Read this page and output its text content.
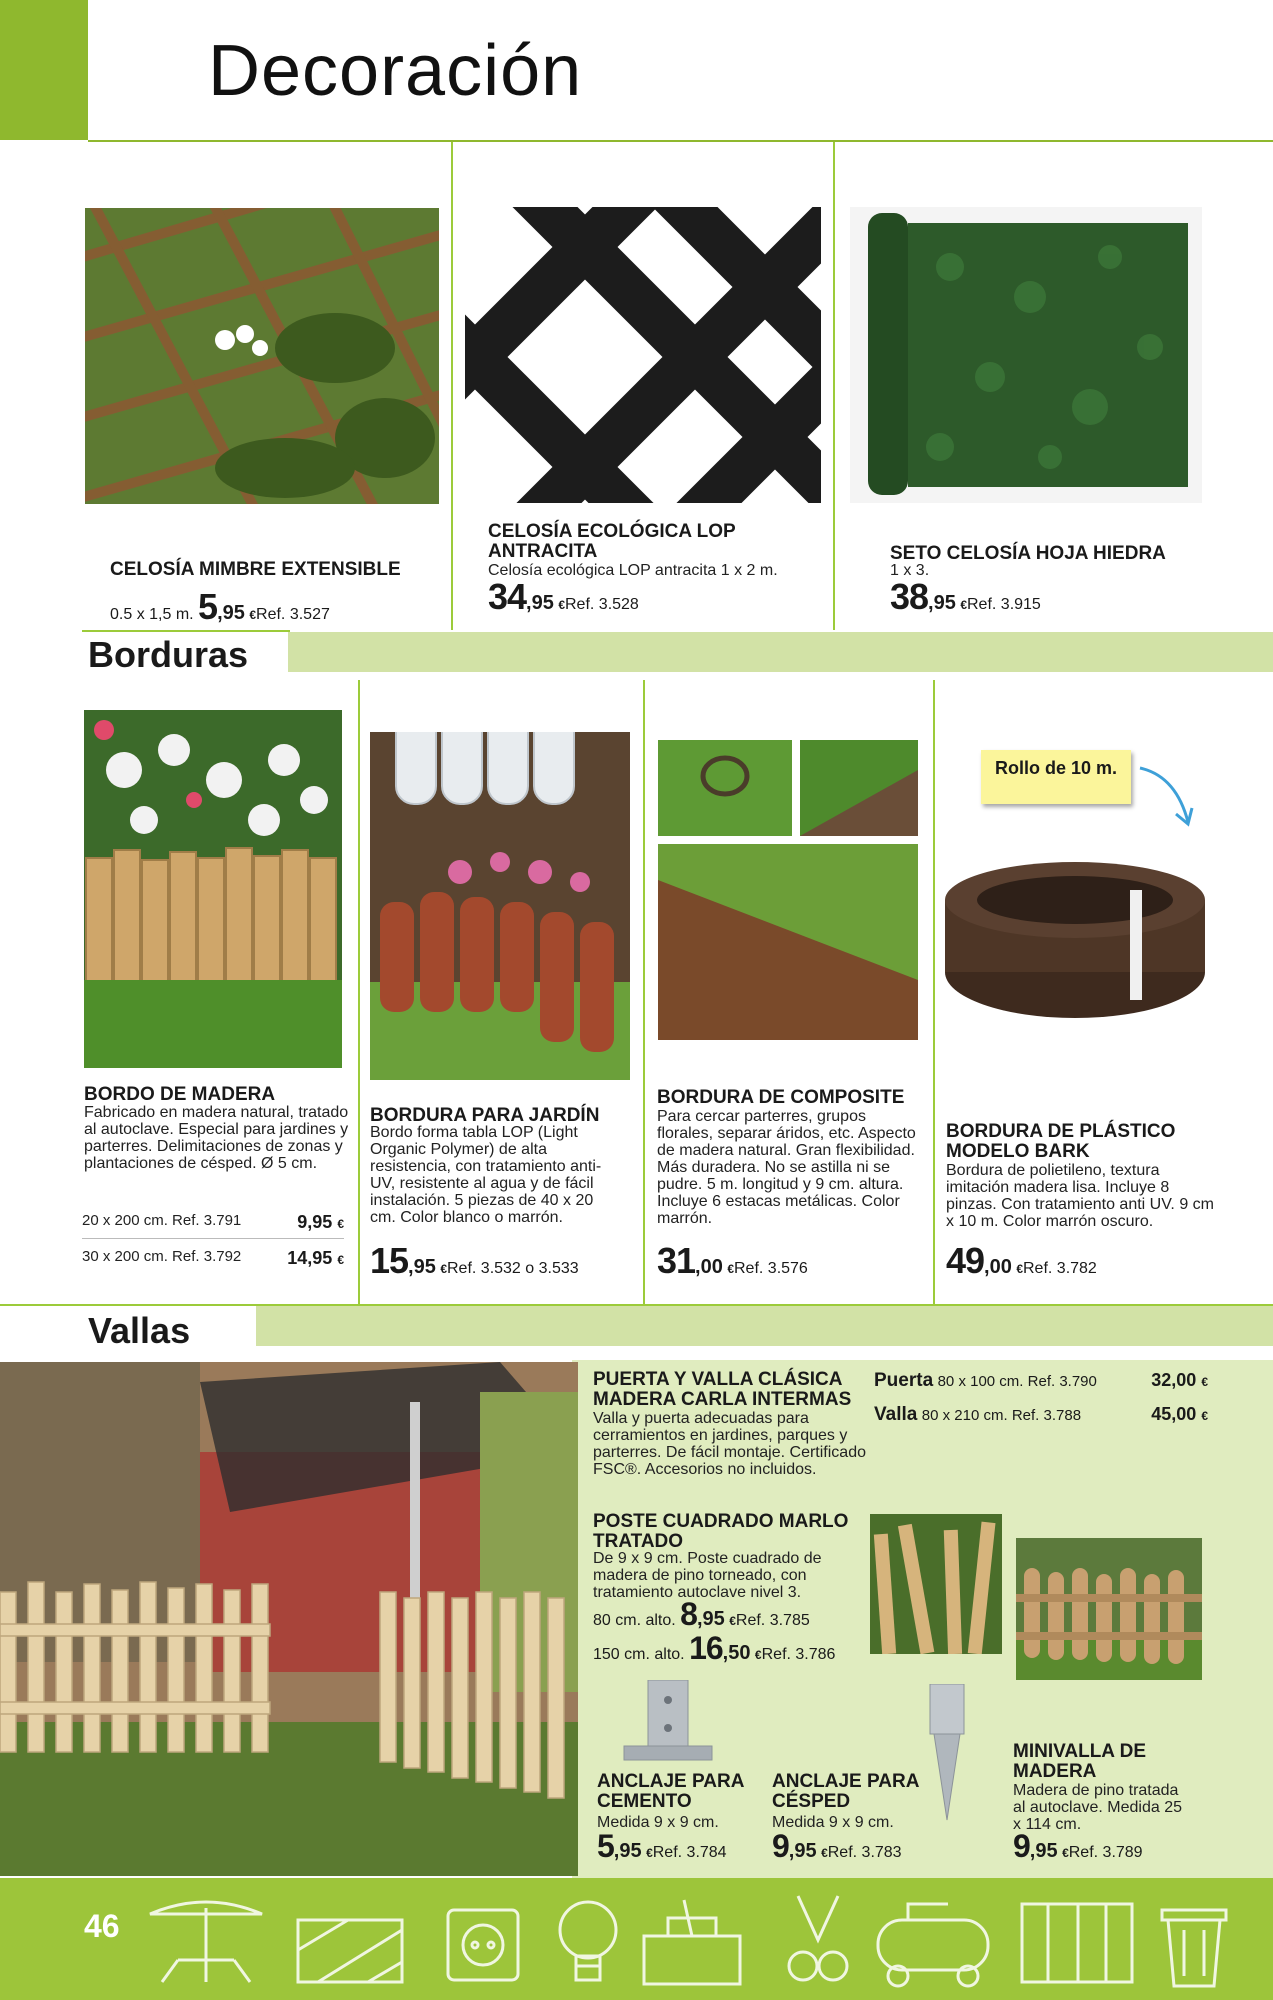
Decoración
CELOSÍA MIMBRE EXTENSIBLE
0.5 x 1,5 m. 5,95 €Ref. 3.527
CELOSÍA ECOLÓGICA LOP ANTRACITA
Celosía ecológica LOP antracita 1 x 2 m.
34,95 €Ref. 3.528
SETO CELOSÍA HOJA HIEDRA
1 x 3.
38,95 €Ref. 3.915
Borduras
BORDO DE MADERA
Fabricado en madera natural, tratado al autoclave. Especial para jardines y parterres. Delimitaciones de zonas y plantaciones de césped. Ø 5 cm.
20 x 200 cm. Ref. 3.791	9,95 €
30 x 200 cm. Ref. 3.792	14,95 €
BORDURA PARA JARDÍN
Bordo forma tabla LOP (Light Organic Polymer) de alta resistencia, con tratamiento anti-UV, resistente al agua y de fácil instalación. 5 piezas de 40 x 20 cm. Color blanco o marrón.
15,95 €Ref. 3.532 o 3.533
BORDURA DE COMPOSITE
Para cercar parterres, grupos florales, separar áridos, etc. Aspecto de madera natural. Gran flexibilidad. Más duradera. No se astilla ni se pudre. 5 m. longitud y 9 cm. altura. Incluye 6 estacas metálicas. Color marrón.
31,00 €Ref. 3.576
Rollo de 10 m.
BORDURA DE PLÁSTICO MODELO BARK
Bordura de polietileno, textura imitación madera lisa. Incluye 8 pinzas. Con tratamiento anti UV. 9 cm x 10 m. Color marrón oscuro.
49,00 €Ref. 3.782
Vallas
PUERTA Y VALLA CLÁSICA MADERA CARLA INTERMAS
Valla y puerta adecuadas para cerramientos en jardines, parques y parterres. De fácil montaje. Certificado FSC®. Accesorios no incluidos.
Puerta 80 x 100 cm. Ref. 3.790	32,00 €
Valla 80 x 210 cm. Ref. 3.788	45,00 €
POSTE CUADRADO MARLO TRATADO
De 9 x 9 cm. Poste cuadrado de madera de pino torneado, con tratamiento autoclave nivel 3.
80 cm. alto. 8,95 €Ref. 3.785
150 cm. alto. 16,50 €Ref. 3.786
ANCLAJE PARA CEMENTO
Medida 9 x 9 cm.
5,95 €Ref. 3.784
ANCLAJE PARA CÉSPED
Medida 9 x 9 cm.
9,95 €Ref. 3.783
MINIVALLA DE MADERA
Madera de pino tratada al autoclave. Medida 25 x 114 cm.
9,95 €Ref. 3.789
46
